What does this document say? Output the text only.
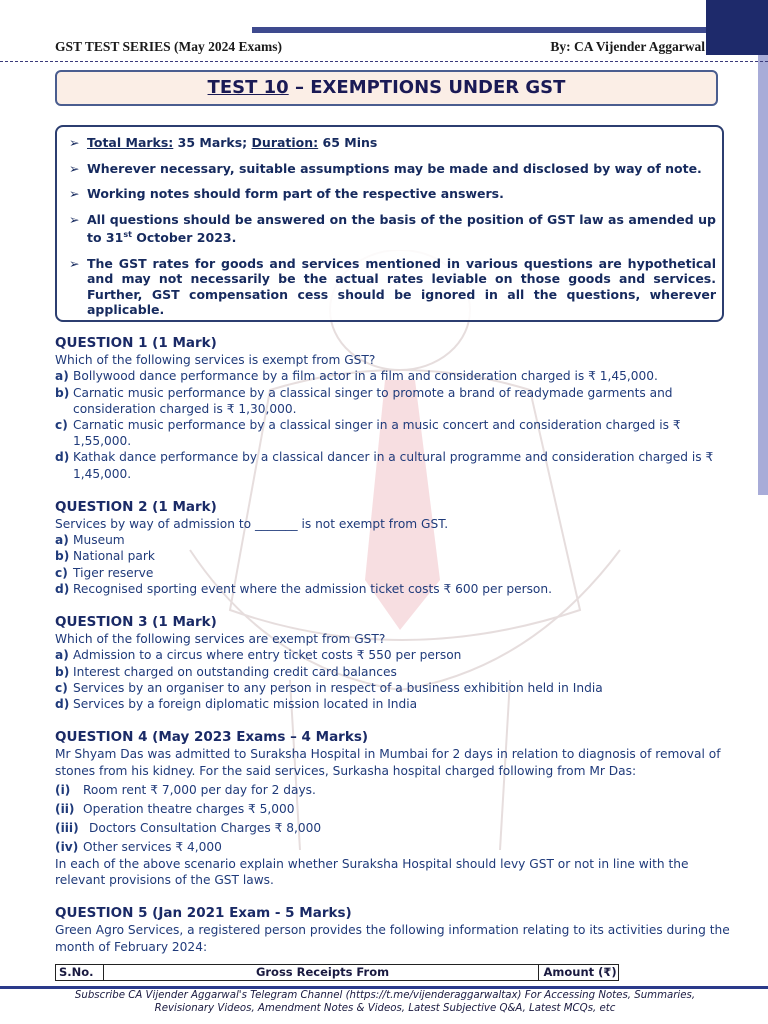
GST TEST SERIES (May 2024 Exams)	By: CA Vijender Aggarwal
TEST 10 – EXEMPTIONS UNDER GST
➢ Total Marks: 35 Marks; Duration: 65 Mins
➢ Wherever necessary, suitable assumptions may be made and disclosed by way of note.
➢ Working notes should form part of the respective answers.
➢ All questions should be answered on the basis of the position of GST law as amended up to 31st October 2023.
➢ The GST rates for goods and services mentioned in various questions are hypothetical and may not necessarily be the actual rates leviable on those goods and services. Further, GST compensation cess should be ignored in all the questions, wherever applicable.
QUESTION 1 (1 Mark)
Which of the following services is exempt from GST?
a) Bollywood dance performance by a film actor in a film and consideration charged is ₹ 1,45,000.
b) Carnatic music performance by a classical singer to promote a brand of readymade garments and consideration charged is ₹ 1,30,000.
c) Carnatic music performance by a classical singer in a music concert and consideration charged is ₹ 1,55,000.
d) Kathak dance performance by a classical dancer in a cultural programme and consideration charged is ₹ 1,45,000.
QUESTION 2 (1 Mark)
Services by way of admission to _______ is not exempt from GST.
a) Museum
b) National park
c) Tiger reserve
d) Recognised sporting event where the admission ticket costs ₹ 600 per person.
QUESTION 3 (1 Mark)
Which of the following services are exempt from GST?
a) Admission to a circus where entry ticket costs ₹ 550 per person
b) Interest charged on outstanding credit card balances
c) Services by an organiser to any person in respect of a business exhibition held in India
d) Services by a foreign diplomatic mission located in India
QUESTION 4 (May 2023 Exams – 4 Marks)
Mr Shyam Das was admitted to Suraksha Hospital in Mumbai for 2 days in relation to diagnosis of removal of stones from his kidney. For the said services, Surkasha hospital charged following from Mr Das:
(i) Room rent ₹ 7,000 per day for 2 days.
(ii) Operation theatre charges ₹ 5,000
(iii) Doctors Consultation Charges ₹ 8,000
(iv) Other services ₹ 4,000
In each of the above scenario explain whether Suraksha Hospital should levy GST or not in line with the relevant provisions of the GST laws.
QUESTION 5 (Jan 2021 Exam - 5 Marks)
Green Agro Services, a registered person provides the following information relating to its activities during the month of February 2024:
S.No.	Gross Receipts From	Amount (₹)
Subscribe CA Vijender Aggarwal's Telegram Channel (https://t.me/vijenderaggarwaltax) For Accessing Notes, Summaries, Revisionary Videos, Amendment Notes & Videos, Latest Subjective Q&A, Latest MCQs, etc
